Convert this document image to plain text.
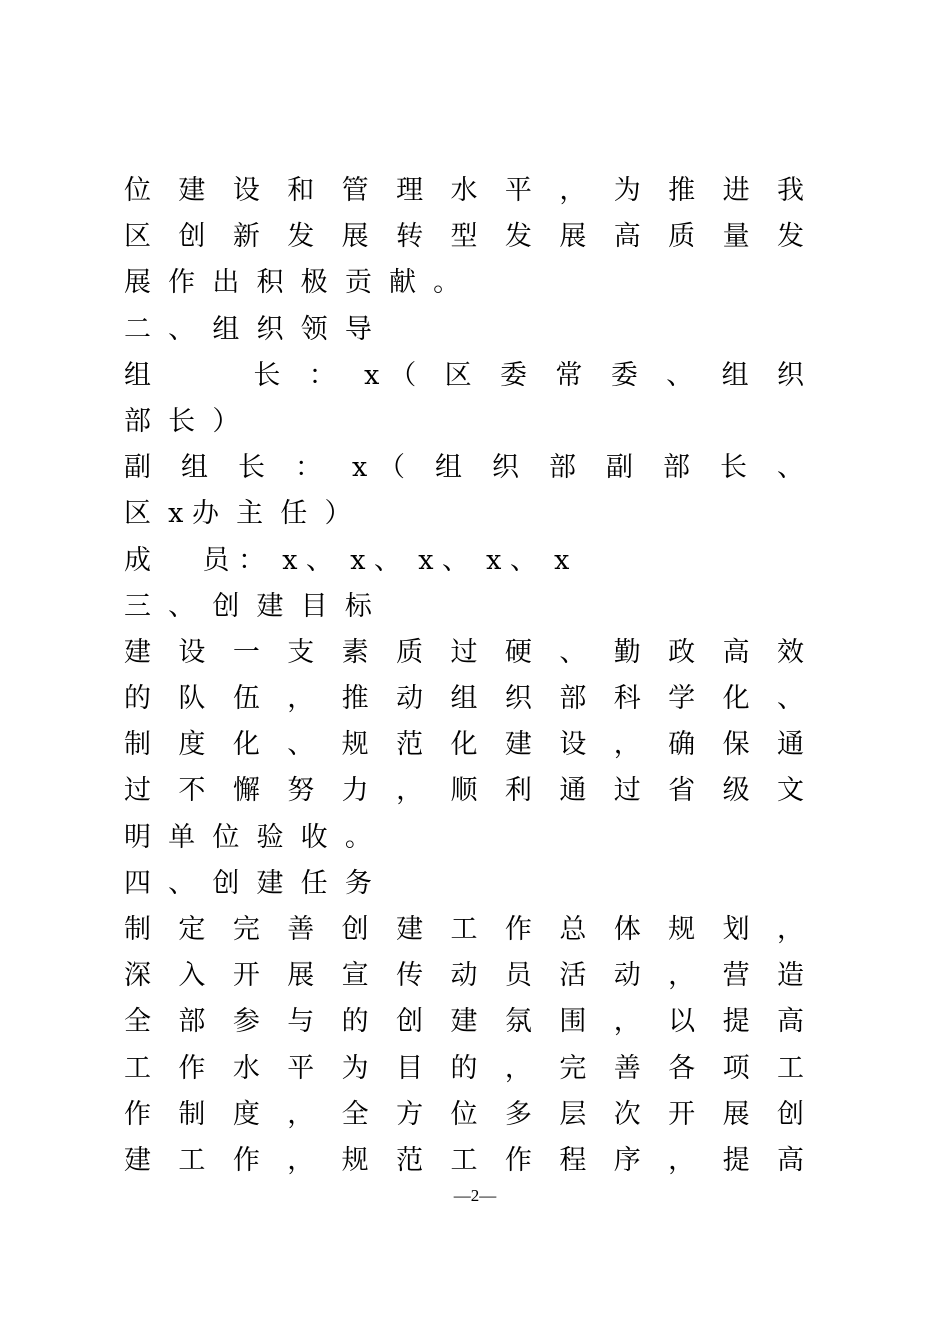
位 建 设 和 管 理 水 平 ， 为 推 进 我
区 创 新 发 展 转 型 发 展 高 质 量 发
展  作  出  积  极  贡  献  。
二  、  组  织  领  导
组     长 ： x（ 区 委 常 委 、 组 织
部  长  ）
副 组 长 ： x（ 组 织 部 副 部 长 、
区  x 办  主  任  ）
成      员 ：  x 、  x 、  x 、  x 、  x
三  、  创  建  目  标
建 设 一 支 素 质 过 硬 、 勤 政 高 效
的 队 伍 ， 推 动 组 织 部 科 学 化 、
制 度 化 、 规 范 化 建 设 ， 确 保 通
过 不 懈 努 力 ， 顺 利 通 过 省 级 文
明  单  位  验  收  。
四  、  创  建  任  务
制 定 完 善 创 建 工 作 总 体 规 划 ，
深 入 开 展 宣 传 动 员 活 动 ， 营 造
全 部 参 与 的 创 建 氛 围 ， 以 提 高
工 作 水 平 为 目 的 ， 完 善 各 项 工
作 制 度 ， 全 方 位 多 层 次 开 展 创
建 工 作 ， 规 范 工 作 程 序 ， 提 高
—2—
